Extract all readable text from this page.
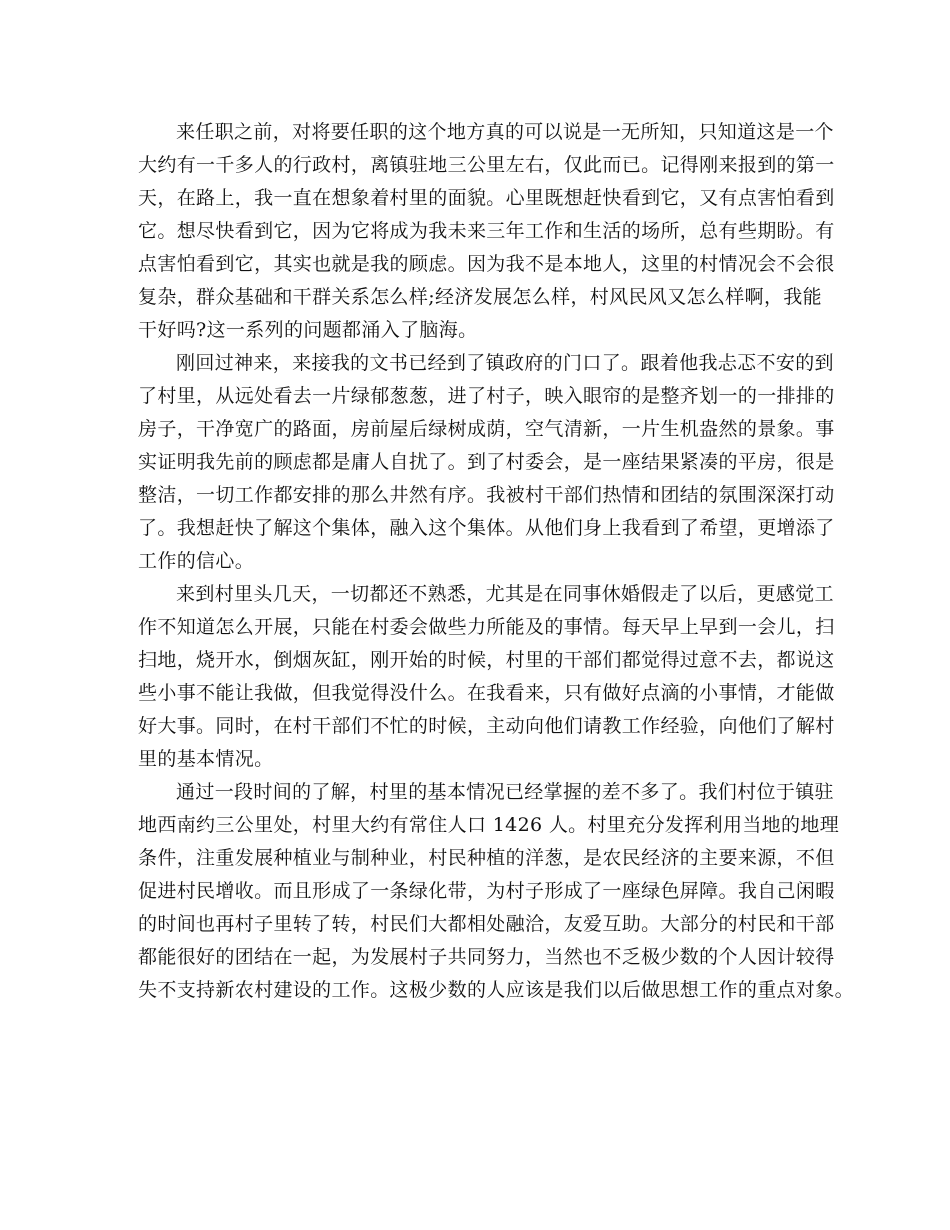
来任职之前，对将要任职的这个地方真的可以说是一无所知，只知道这是一个
大约有一千多人的行政村，离镇驻地三公里左右，仅此而已。记得刚来报到的第一
天，在路上，我一直在想象着村里的面貌。心里既想赶快看到它，又有点害怕看到
它。想尽快看到它，因为它将成为我未来三年工作和生活的场所，总有些期盼。有
点害怕看到它，其实也就是我的顾虑。因为我不是本地人，这里的村情况会不会很
复杂，群众基础和干群关系怎么样;经济发展怎么样，村风民风又怎么样啊，我能
干好吗?这一系列的问题都涌入了脑海。
刚回过神来，来接我的文书已经到了镇政府的门口了。跟着他我忐忑不安的到
了村里，从远处看去一片绿郁葱葱，进了村子，映入眼帘的是整齐划一的一排排的
房子，干净宽广的路面，房前屋后绿树成荫，空气清新，一片生机盎然的景象。事
实证明我先前的顾虑都是庸人自扰了。到了村委会，是一座结果紧凑的平房，很是
整洁，一切工作都安排的那么井然有序。我被村干部们热情和团结的氛围深深打动
了。我想赶快了解这个集体，融入这个集体。从他们身上我看到了希望，更增添了
工作的信心。
来到村里头几天，一切都还不熟悉，尤其是在同事休婚假走了以后，更感觉工
作不知道怎么开展，只能在村委会做些力所能及的事情。每天早上早到一会儿，扫
扫地，烧开水，倒烟灰缸，刚开始的时候，村里的干部们都觉得过意不去，都说这
些小事不能让我做，但我觉得没什么。在我看来，只有做好点滴的小事情，才能做
好大事。同时，在村干部们不忙的时候，主动向他们请教工作经验，向他们了解村
里的基本情况。
通过一段时间的了解，村里的基本情况已经掌握的差不多了。我们村位于镇驻
地西南约三公里处，村里大约有常住人口 1426 人。村里充分发挥利用当地的地理
条件，注重发展种植业与制种业，村民种植的洋葱，是农民经济的主要来源，不但
促进村民增收。而且形成了一条绿化带，为村子形成了一座绿色屏障。我自己闲暇
的时间也再村子里转了转，村民们大都相处融洽，友爱互助。大部分的村民和干部
都能很好的团结在一起，为发展村子共同努力，当然也不乏极少数的个人因计较得
失不支持新农村建设的工作。这极少数的人应该是我们以后做思想工作的重点对象。
